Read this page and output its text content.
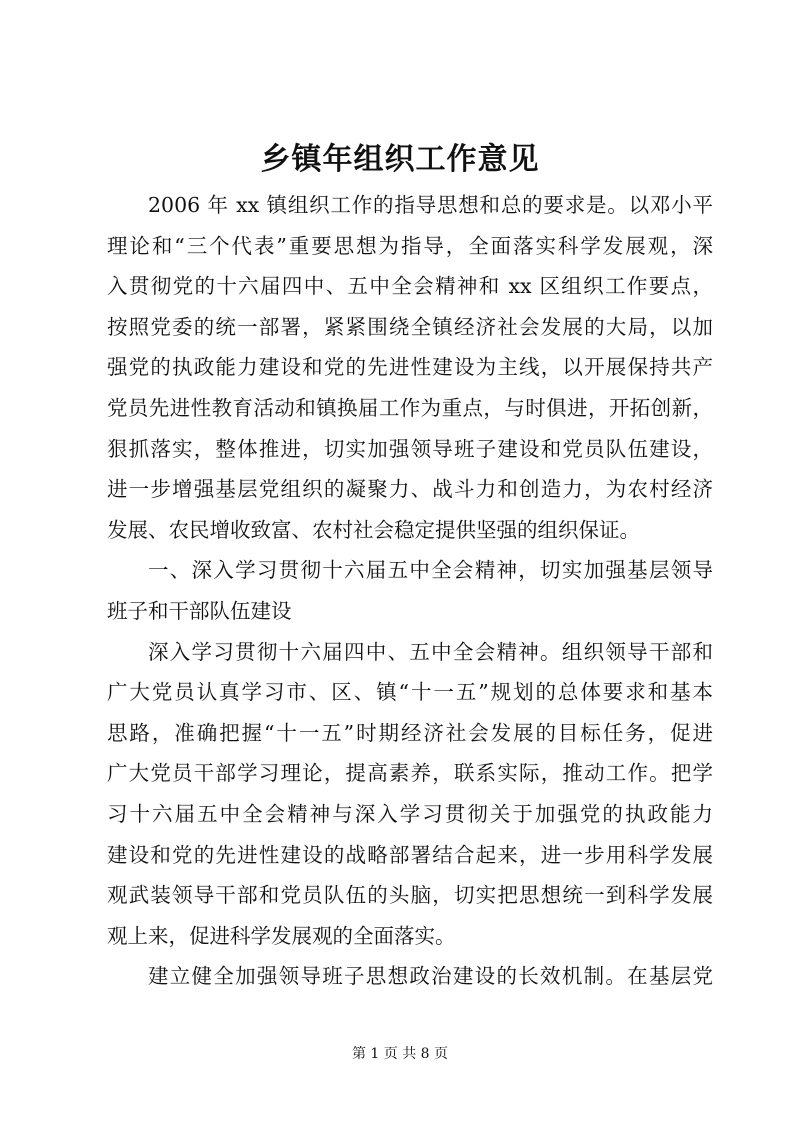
乡镇年组织工作意见
2006 年 xx 镇组织工作的指导思想和总的要求是。以邓小平
理论和“三个代表”重要思想为指导，全面落实科学发展观，深
入贯彻党的十六届四中、五中全会精神和 xx 区组织工作要点，
按照党委的统一部署，紧紧围绕全镇经济社会发展的大局，以加
强党的执政能力建设和党的先进性建设为主线，以开展保持共产
党员先进性教育活动和镇换届工作为重点，与时俱进，开拓创新，
狠抓落实，整体推进，切实加强领导班子建设和党员队伍建设，
进一步增强基层党组织的凝聚力、战斗力和创造力，为农村经济
发展、农民增收致富、农村社会稳定提供坚强的组织保证。
一、深入学习贯彻十六届五中全会精神，切实加强基层领导
班子和干部队伍建设
深入学习贯彻十六届四中、五中全会精神。组织领导干部和
广大党员认真学习市、区、镇“十一五”规划的总体要求和基本
思路，准确把握“十一五”时期经济社会发展的目标任务，促进
广大党员干部学习理论，提高素养，联系实际，推动工作。把学
习十六届五中全会精神与深入学习贯彻关于加强党的执政能力
建设和党的先进性建设的战略部署结合起来，进一步用科学发展
观武装领导干部和党员队伍的头脑，切实把思想统一到科学发展
观上来，促进科学发展观的全面落实。
建立健全加强领导班子思想政治建设的长效机制。在基层党
第 1 页 共 8 页
